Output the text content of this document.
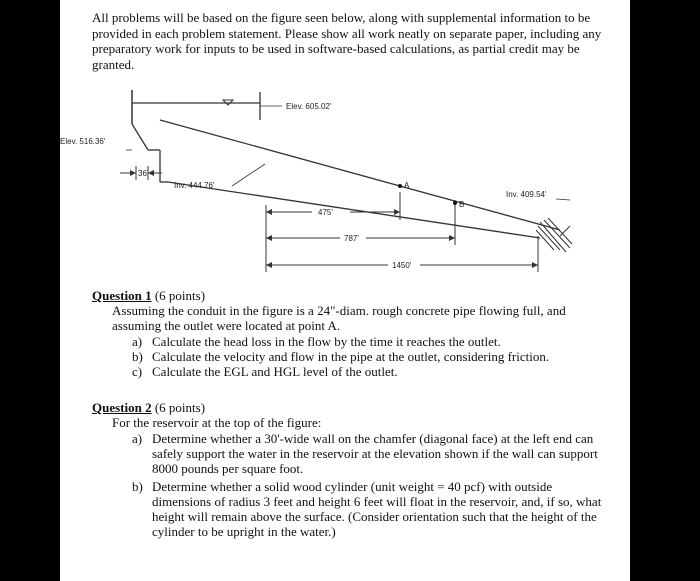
All problems will be based on the figure seen below, along with supplemental information to be provided in each problem statement. Please show all work neatly on separate paper, including any preparatory work for inputs to be used in software-based calculations, as partial credit may be granted.

Elev. 605.02'
Elev. 516.36'
36'
Inv. 444.76'
Inv. 409.54'
A
B
475'
787'
1450'
Question 1 (6 points)
Assuming the conduit in the figure is a 24"-diam. rough concrete pipe flowing full, and assuming the outlet were located at point A.
a) Calculate the head loss in the flow by the time it reaches the outlet.
b) Calculate the velocity and flow in the pipe at the outlet, considering friction.
c) Calculate the EGL and HGL level of the outlet.
Question 2 (6 points)
For the reservoir at the top of the figure:
a) Determine whether a 30'-wide wall on the chamfer (diagonal face) at the left end can safely support the water in the reservoir at the elevation shown if the wall can support 8000 pounds per square foot.
b) Determine whether a solid wood cylinder (unit weight = 40 pcf) with outside dimensions of radius 3 feet and height 6 feet will float in the reservoir, and, if so, what height will remain above the surface. (Consider orientation such that the height of the cylinder to be upright in the water.)
